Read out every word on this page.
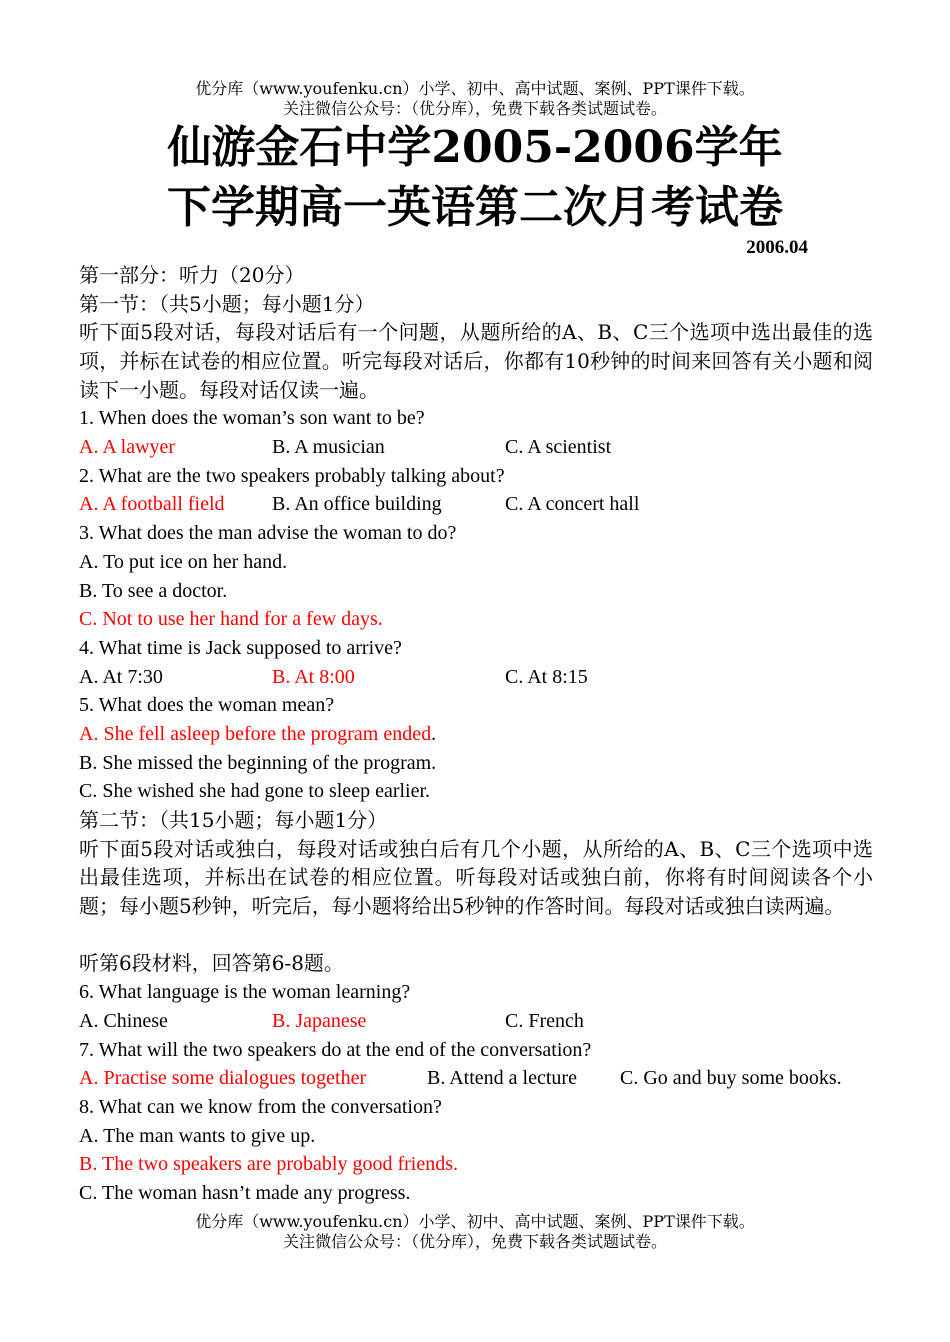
优分库（www.youfenku.cn）小学、初中、高中试题、案例、PPT课件下载。
关注微信公众号：（优分库），免费下载各类试题试卷。
仙游金石中学2005-2006学年
下学期高一英语第二次月考试卷
2006.04
第一部分：听力（20分）
第一节：（共5小题；每小题1分）
听下面5段对话，每段对话后有一个问题，从题所给的A、B、C三个选项中选出最佳的选项，并标在试卷的相应位置。听完每段对话后，你都有10秒钟的时间来回答有关小题和阅读下一小题。每段对话仅读一遍。
1. When does the woman’s son want to be?
A. A lawyer	B. A musician	C. A scientist
2. What are the two speakers probably talking about?
A. A football field B. An office building	C. A concert hall
3. What does the man advise the woman to do?
A. To put ice on her hand.
B. To see a doctor.
C. Not to use her hand for a few days.
4. What time is Jack supposed to arrive?
A. At 7:30	B. At 8:00	C. At 8:15
5. What does the woman mean?
A. She fell asleep before the program ended.
B. She missed the beginning of the program.
C. She wished she had gone to sleep earlier.
第二节：（共15小题；每小题1分）
听下面5段对话或独白，每段对话或独白后有几个小题，从所给的A、B、C三个选项中选出最佳选项，并标出在试卷的相应位置。听每段对话或独白前，你将有时间阅读各个小题；每小题5秒钟，听完后，每小题将给出5秒钟的作答时间。每段对话或独白读两遍。
听第6段材料，回答第6-8题。
6. What language is the woman learning?
A. Chinese	B. Japanese	C. French
7. What will the two speakers do at the end of the conversation?
A. Practise some dialogues together	B. Attend a lecture C. Go and buy some books.
8. What can we know from the conversation?
A. The man wants to give up.
B. The two speakers are probably good friends.
C. The woman hasn’t made any progress.
优分库（www.youfenku.cn）小学、初中、高中试题、案例、PPT课件下载。
关注微信公众号：（优分库），免费下载各类试题试卷。
